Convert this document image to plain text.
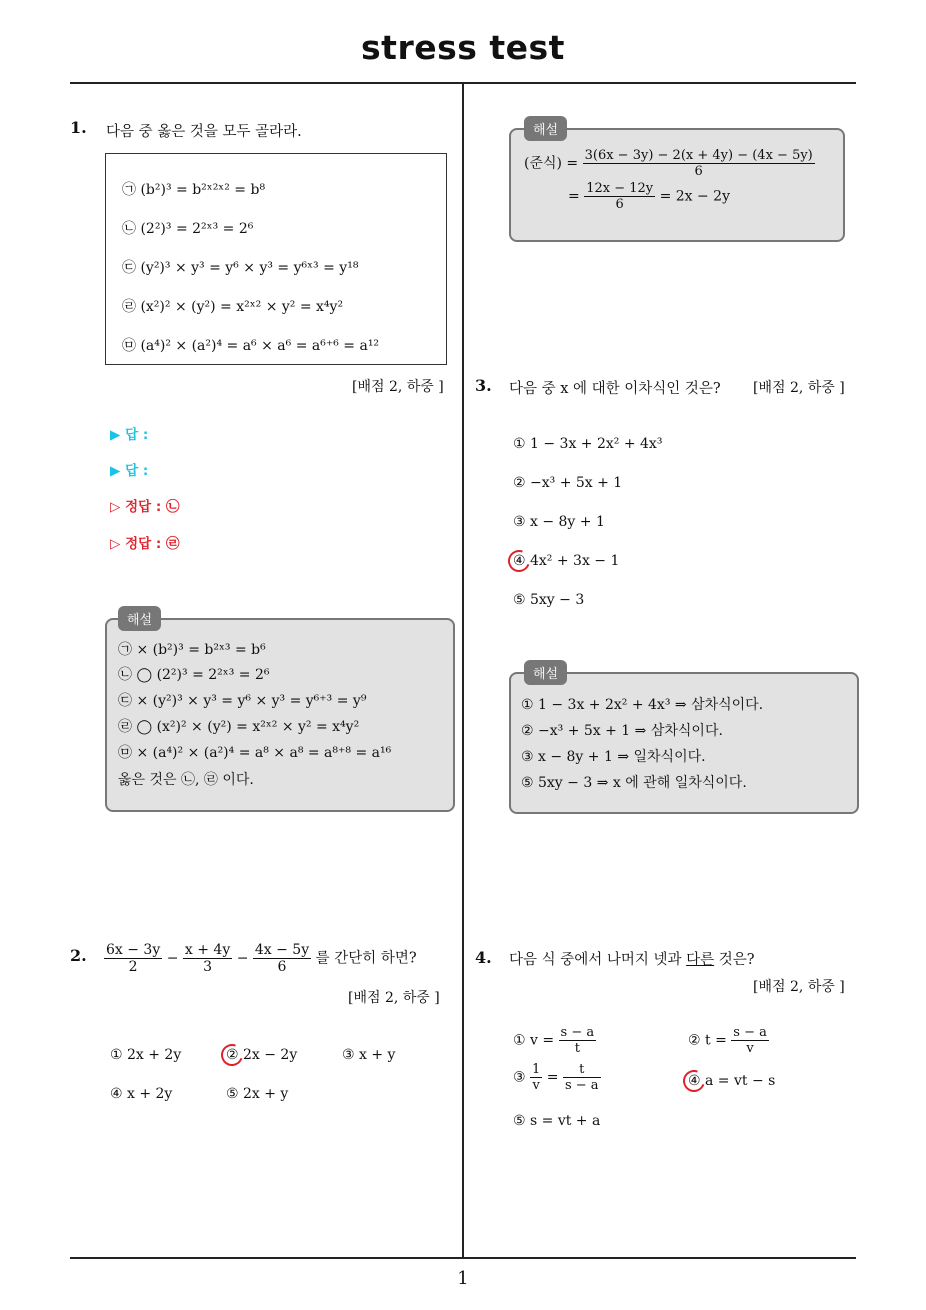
stress test
1. 다음 중 옳은 것을 모두 골라라.
㉠ (b²)³ = b²ˣ²ˣ² = b⁸
㉡ (2²)³ = 2²ˣ³ = 2⁶
㉢ (y²)³ × y³ = y⁶ × y³ = y⁶ˣ³ = y¹⁸
㉣ (x²)² × (y²) = x²ˣ² × y² = x⁴y²
㉤ (a⁴)² × (a²)⁴ = a⁶ × a⁶ = a⁶⁺⁶ = a¹²
[배점 2, 하중 ]
▶ 답 :
▶ 답 :
▷ 정답 : ㉡
▷ 정답 : ㉣
해설
㉠ × (b²)³ = b²ˣ³ = b⁶
㉡ ◯ (2²)³ = 2²ˣ³ = 2⁶
㉢ × (y²)³ × y³ = y⁶ × y³ = y⁶⁺³ = y⁹
㉣ ◯ (x²)² × (y²) = x²ˣ² × y² = x⁴y²
㉤ × (a⁴)² × (a²)⁴ = a⁸ × a⁸ = a⁸⁺⁸ = a¹⁶
옳은 것은 ㉡, ㉣ 이다.
2. $\frac{6x - 3y}{2} - \frac{x + 4y}{3} - \frac{4x - 5y}{6}$ 를 간단히 하면?
[배점 2, 하중 ]
① 2x + 2y	② 2x − 2y	③ x + y
④ x + 2y	⑤ 2x + y
해설
(준식) = $\frac{3(6x - 3y) - 2(x + 4y) - (4x - 5y)}{6}$
= $\frac{12x - 12y}{6} = 2x - 2y$
3. 다음 중 x 에 대한 이차식인 것은? [배점 2, 하중 ]
① 1 − 3x + 2x² + 4x³
② −x³ + 5x + 1
③ x − 8y + 1
④ 4x² + 3x − 1
⑤ 5xy − 3
해설
① 1 − 3x + 2x² + 4x³ ⇒ 삼차식이다.
② −x³ + 5x + 1 ⇒ 삼차식이다.
③ x − 8y + 1 ⇒ 일차식이다.
⑤ 5xy − 3 ⇒ x 에 관해 일차식이다.
4. 다음 식 중에서 나머지 넷과 다른 것은?
[배점 2, 하중 ]
① $v = \frac{s - a}{t}$	② $t = \frac{s - a}{v}$
③ $\frac{1}{v} = \frac{t}{s - a}$	④ a = vt − s
⑤ s = vt + a
1
